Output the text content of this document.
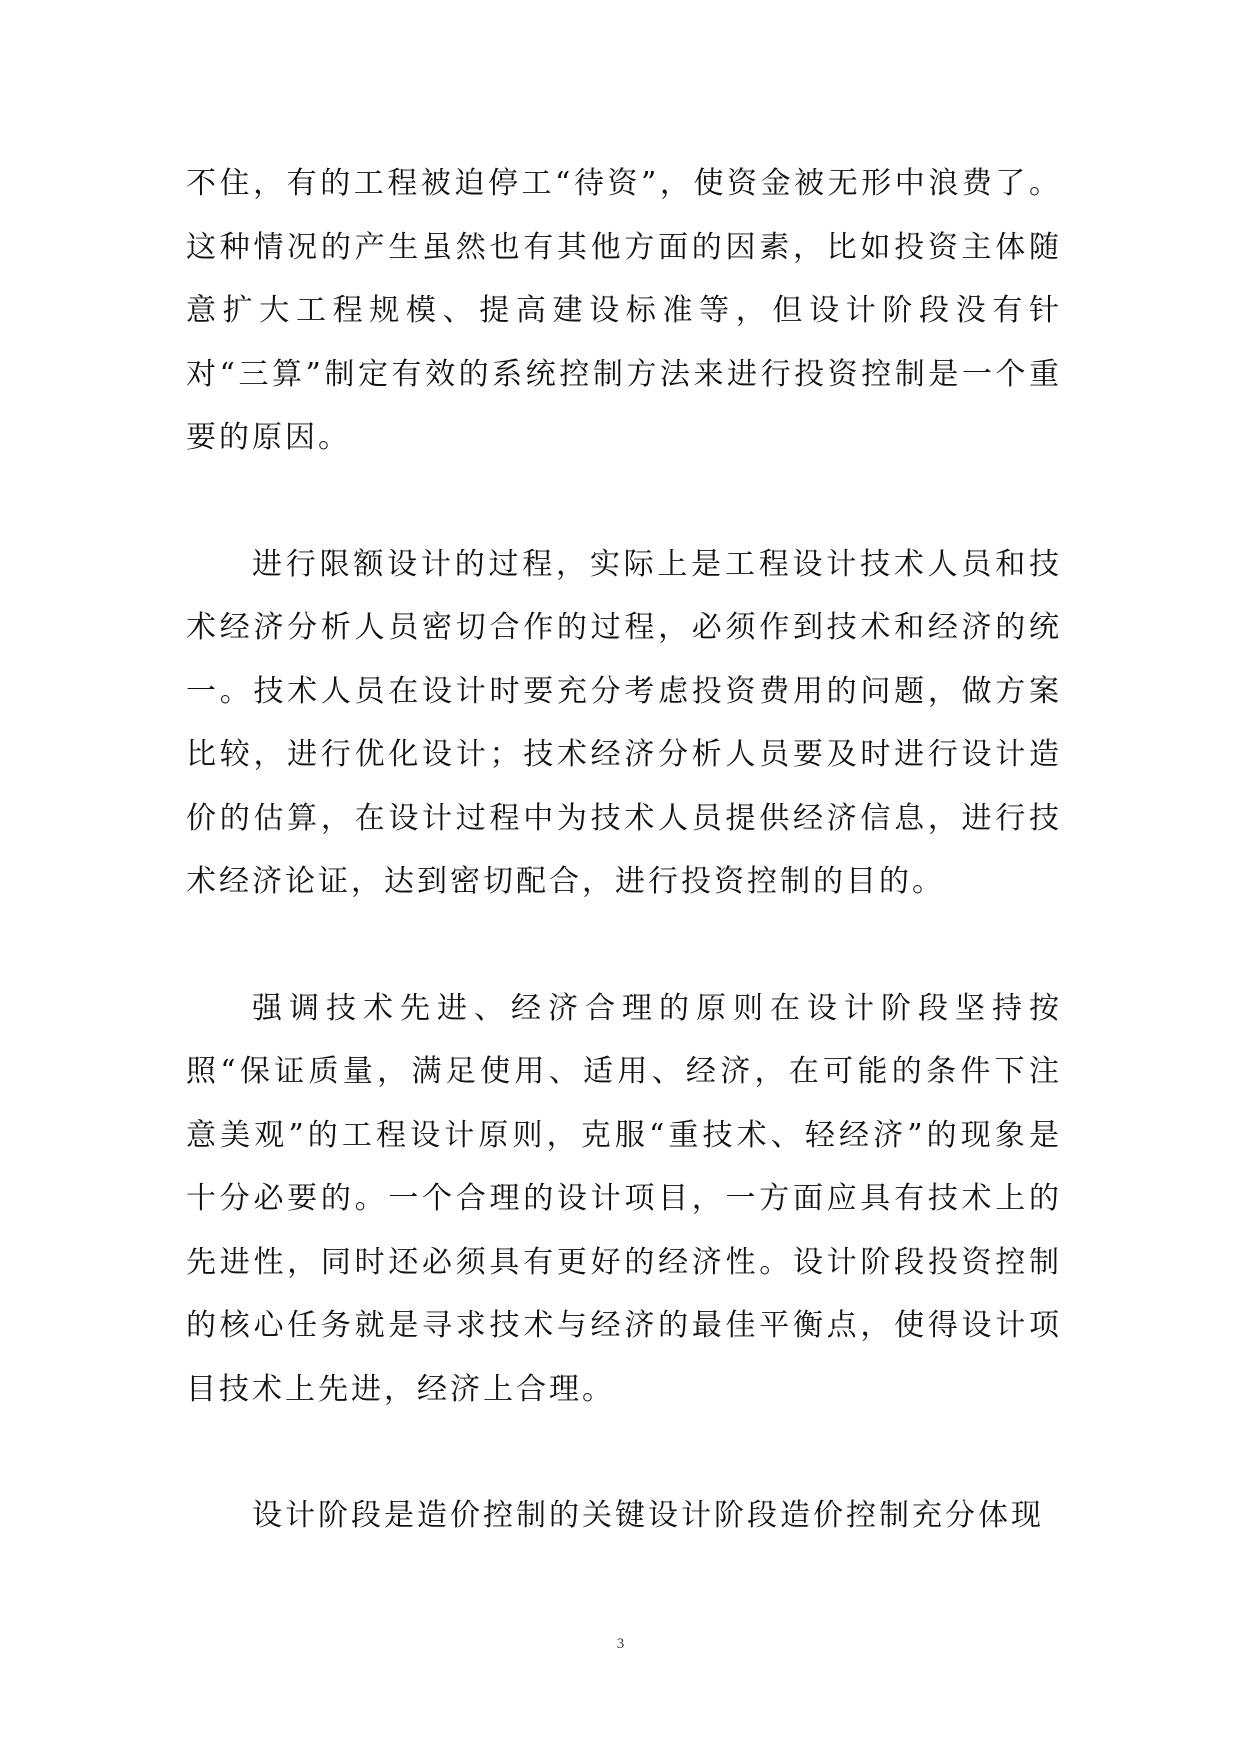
不住，有的工程被迫停工“待资”，使资金被无形中浪费了。这种情况的产生虽然也有其他方面的因素，比如投资主体随意扩大工程规模、提高建设标准等，但设计阶段没有针对“三算”制定有效的系统控制方法来进行投资控制是一个重要的原因。

进行限额设计的过程，实际上是工程设计技术人员和技术经济分析人员密切合作的过程，必须作到技术和经济的统一。技术人员在设计时要充分考虑投资费用的问题，做方案比较，进行优化设计；技术经济分析人员要及时进行设计造价的估算，在设计过程中为技术人员提供经济信息，进行技术经济论证，达到密切配合，进行投资控制的目的。

强调技术先进、经济合理的原则在设计阶段坚持按照“保证质量，满足使用、适用、经济，在可能的条件下注意美观”的工程设计原则，克服“重技术、轻经济”的现象是十分必要的。一个合理的设计项目，一方面应具有技术上的先进性，同时还必须具有更好的经济性。设计阶段投资控制的核心任务就是寻求技术与经济的最佳平衡点，使得设计项目技术上先进，经济上合理。

设计阶段是造价控制的关键设计阶段造价控制充分体现

3
